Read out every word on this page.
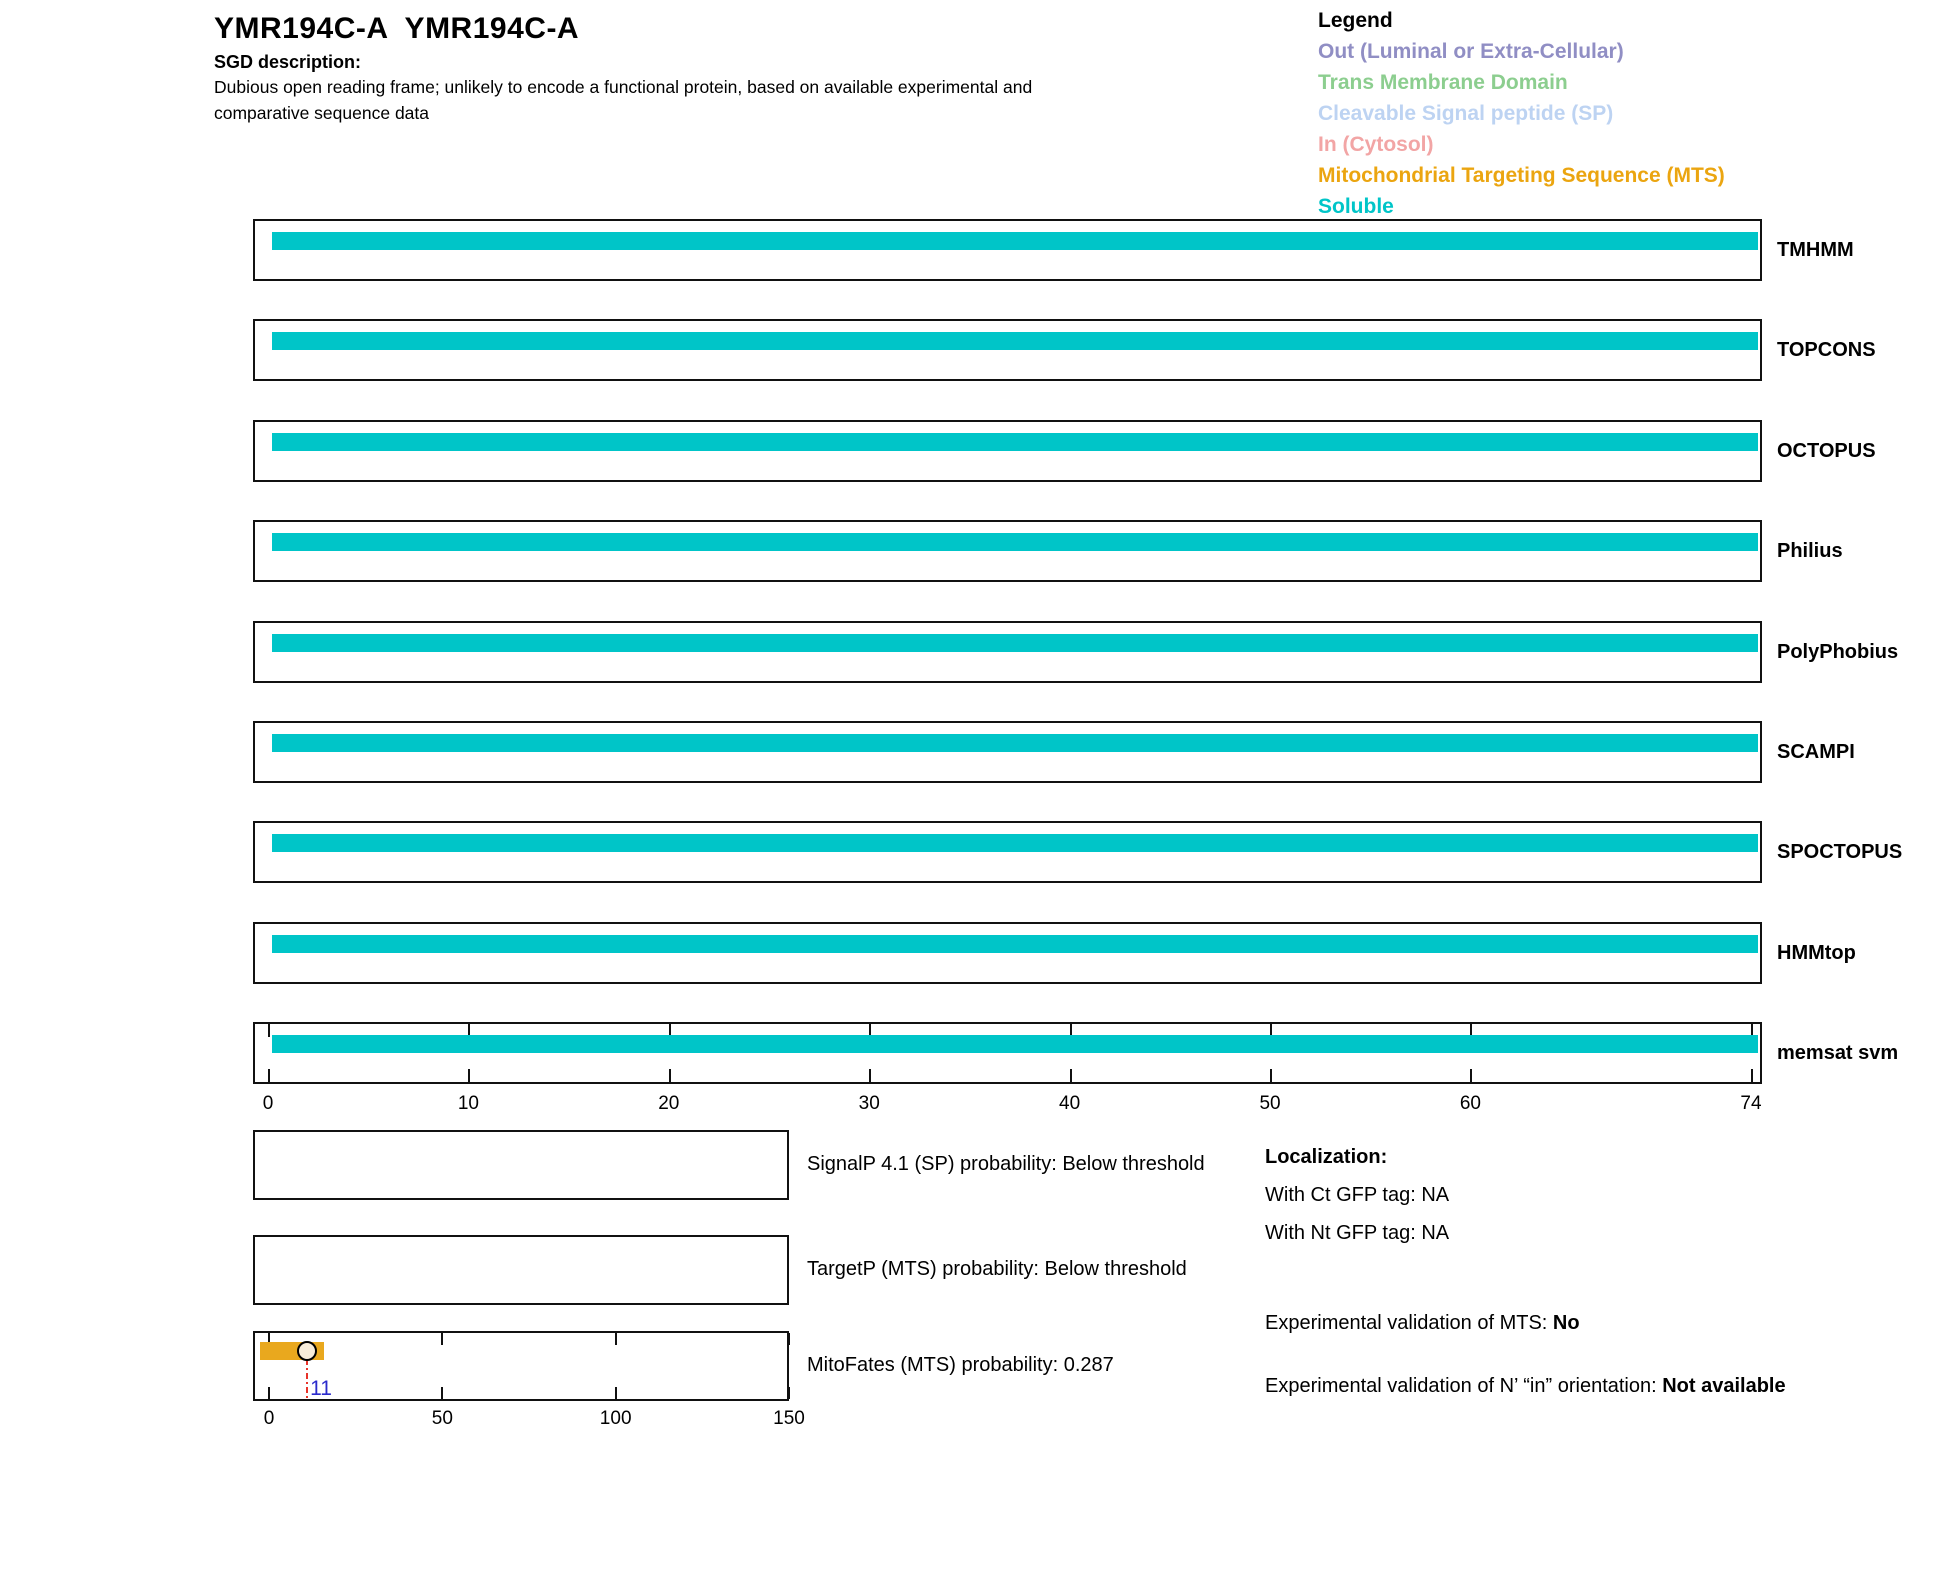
YMR194C-A  YMR194C-A
SGD description:
Dubious open reading frame; unlikely to encode a functional protein, based on available experimental and comparative sequence data
Legend
Out (Luminal or Extra-Cellular)
Trans Membrane Domain
Cleavable Signal peptide (SP)
In (Cytosol)
Mitochondrial Targeting Sequence (MTS)
Soluble
TMHMM
TOPCONS
OCTOPUS
Philius
PolyPhobius
SCAMPI
SPOCTOPUS
HMMtop
memsat svm
0	10	20	30	40	50	60	74
11
0	50	100	150
SignalP 4.1 (SP) probability: Below threshold
TargetP (MTS) probability: Below threshold
MitoFates (MTS) probability: 0.287
Localization:
With Ct GFP tag: NA
With Nt GFP tag: NA
Experimental validation of MTS: No
Experimental validation of N’ “in” orientation: Not available
